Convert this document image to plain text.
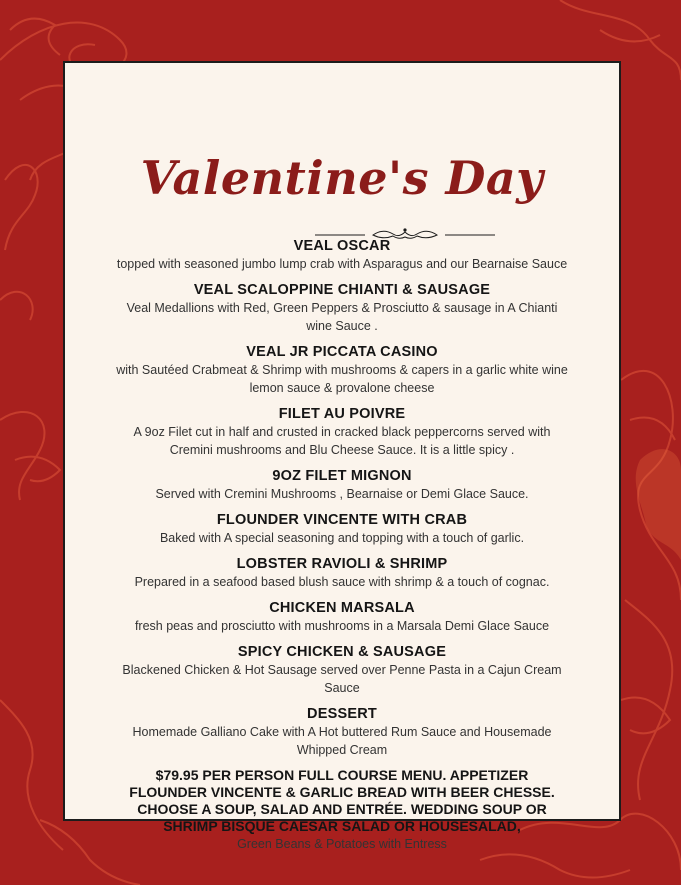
Valentine's Day
VEAL OSCAR
topped with seasoned jumbo lump crab with Asparagus and our Bearnaise Sauce
VEAL SCALOPPINE CHIANTI & SAUSAGE
Veal Medallions with Red, Green Peppers & Prosciutto & sausage in A Chianti wine Sauce .
VEAL JR PICCATA CASINO
with Sautéed Crabmeat & Shrimp with mushrooms & capers in a garlic white wine lemon sauce & provalone cheese
FILET AU POIVRE
A 9oz Filet cut in half and crusted in cracked black peppercorns served with Cremini mushrooms and Blu Cheese Sauce. It is a little spicy .
9OZ FILET MIGNON
Served with Cremini Mushrooms , Bearnaise or Demi Glace Sauce.
FLOUNDER VINCENTE WITH CRAB
Baked with A special seasoning and topping with a touch of garlic.
LOBSTER RAVIOLI & SHRIMP
Prepared in a seafood based blush sauce with shrimp & a touch of cognac.
CHICKEN MARSALA
fresh peas and prosciutto with mushrooms in a Marsala Demi Glace Sauce
SPICY CHICKEN & SAUSAGE
Blackened Chicken & Hot Sausage served over Penne Pasta in a Cajun Cream Sauce
DESSERT
Homemade Galliano Cake with A Hot buttered Rum Sauce and Housemade Whipped Cream
$79.95 PER PERSON FULL COURSE MENU. APPETIZER FLOUNDER VINCENTE & GARLIC BREAD WITH BEER CHESSE. CHOOSE A SOUP, SALAD AND ENTRÉE. WEDDING SOUP OR SHRIMP BISQUE CAESAR SALAD OR HOUSESALAD,
Green Beans & Potatoes with Entress
